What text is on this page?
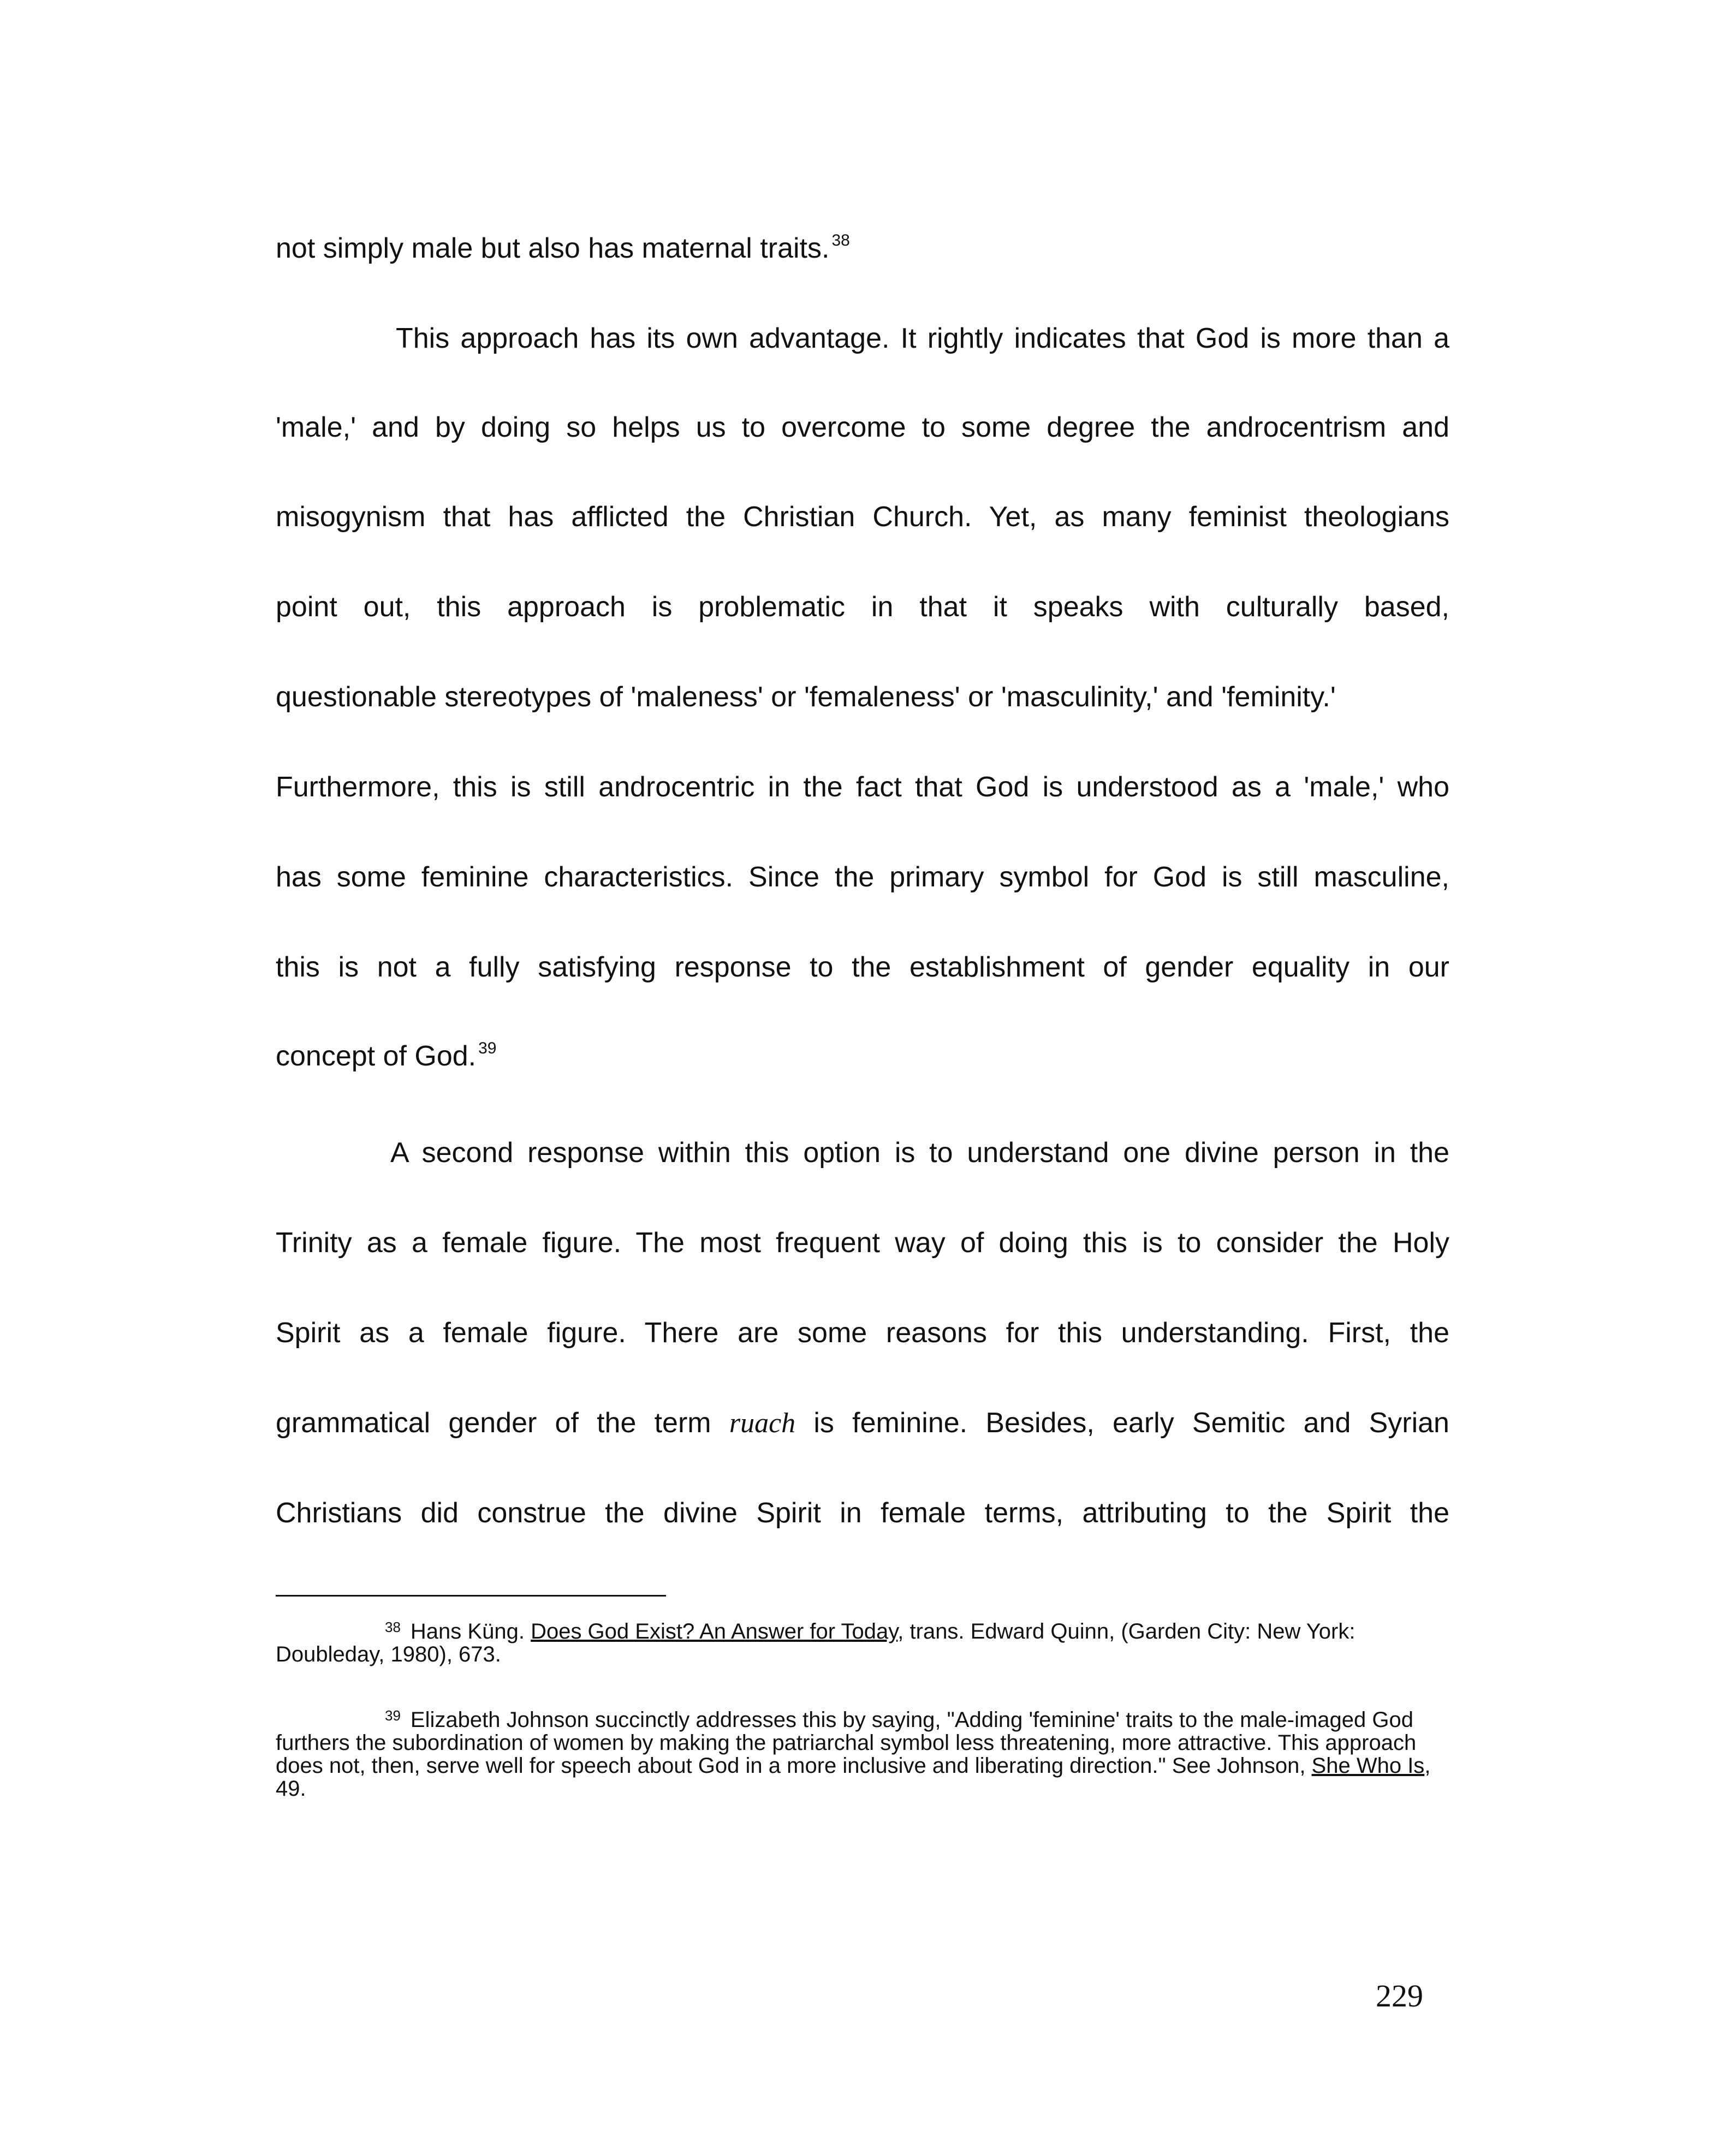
not simply male but also has maternal traits. $^{38}$
This approach has its own advantage. It rightly indicates that God is more than a
'male,' and by doing so helps us to overcome to some degree the androcentrism and
misogynism that has afflicted the Christian Church. Yet, as many feminist theologians
point out, this approach is problematic in that it speaks with culturally based,
questionable stereotypes of 'maleness' or 'femaleness' or 'masculinity,' and 'feminity.'
Furthermore, this is still androcentric in the fact that God is understood as a 'male,' who
has some feminine characteristics. Since the primary symbol for God is still masculine,
this is not a fully satisfying response to the establishment of gender equality in our
concept of God. $^{39}$
A second response within this option is to understand one divine person in the
Trinity as a female figure. The most frequent way of doing this is to consider the Holy
Spirit as a female figure. There are some reasons for this understanding. First, the
grammatical gender of the term ruach is feminine. Besides, early Semitic and Syrian
Christians did construe the divine Spirit in female terms, attributing to the Spirit the
$^{38}$ Hans Küng. Does God Exist? An Answer for Today, trans. Edward Quinn, (Garden City: New York: Doubleday, 1980), 673.
$^{39}$ Elizabeth Johnson succinctly addresses this by saying, "Adding 'feminine' traits to the male-imaged God furthers the subordination of women by making the patriarchal symbol less threatening, more attractive. This approach does not, then, serve well for speech about God in a more inclusive and liberating direction." See Johnson, She Who Is, 49.
229
